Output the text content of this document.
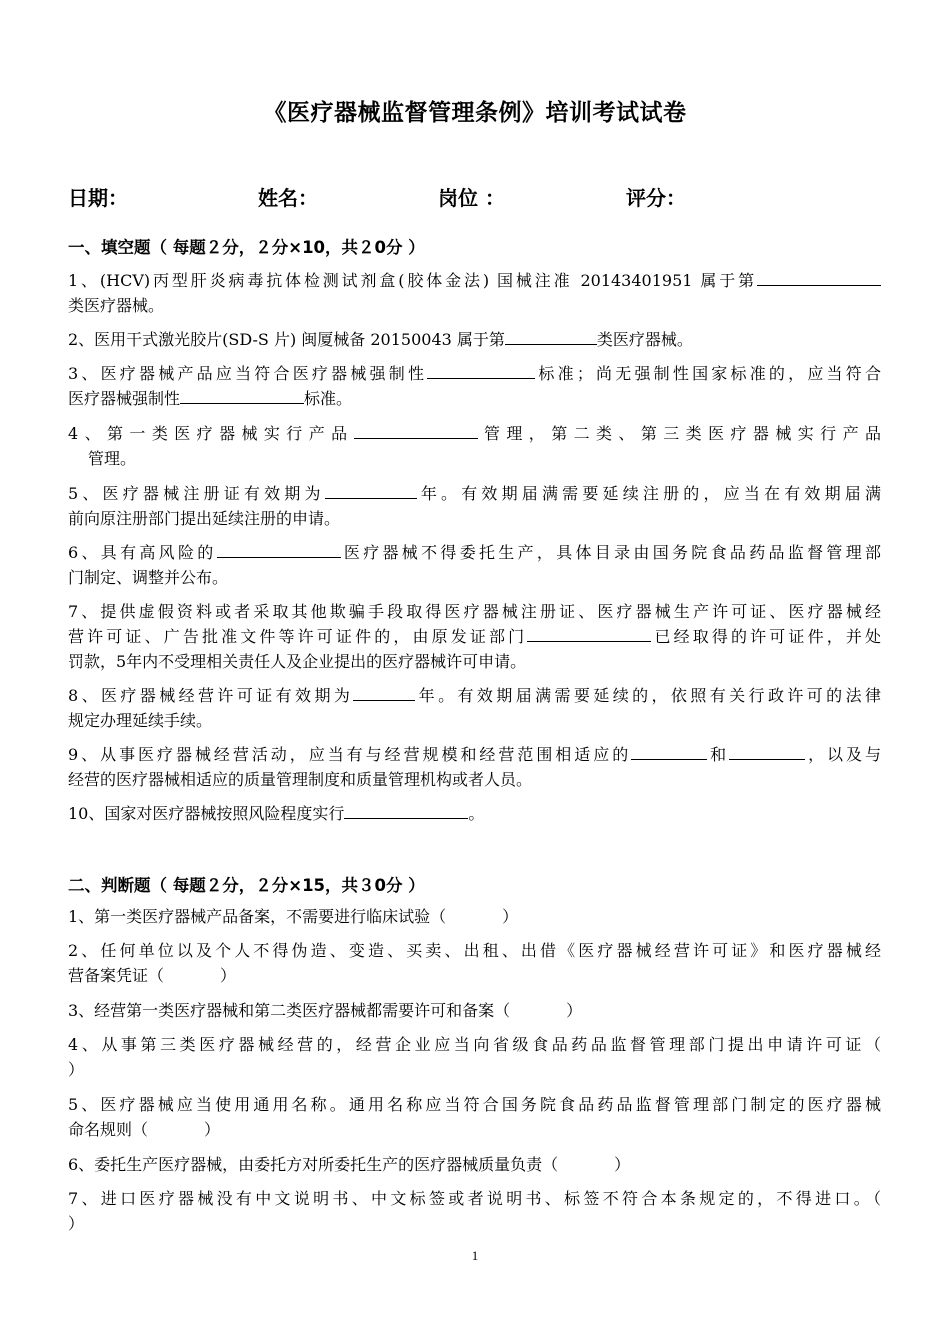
《医疗器械监督管理条例》培训考试试卷
日期：	姓名：	岗位 ：	评分：
一、填空题（ 每题２分，２分×10，共２0分 ）

1、(HCV)丙型肝炎病毒抗体检测试剂盒(胶体金法) 国械注准 20143401951 属于第

类医疗器械。

2、医用干式激光胶片(SD-S 片) 闽厦械备 20150043 属于第	类医疗器械。

3、医疗器械产品应当符合医疗器械强制性	标准；尚无强制性国家标准的，应当符合

医疗器械强制性	标准。

4、第一类医疗器械实行产品	管理，第二类、第三类医疗器械实行产品

管理。

5、医疗器械注册证有效期为	年。有效期届满需要延续注册的，应当在有效期届满

前向原注册部门提出延续注册的申请。

6、具有高风险的	医疗器械不得委托生产，具体目录由国务院食品药品监督管理部

门制定、调整并公布。

7、提供虚假资料或者采取其他欺骗手段取得医疗器械注册证、医疗器械生产许可证、医疗器械经

营许可证、广告批准文件等许可证件的，由原发证部门	已经取得的许可证件，并处

罚款，5年内不受理相关责任人及企业提出的医疗器械许可申请。

8、医疗器械经营许可证有效期为	年。有效期届满需要延续的，依照有关行政许可的法律

规定办理延续手续。

9、从事医疗器械经营活动，应当有与经营规模和经营范围相适应的	和	，以及与

经营的医疗器械相适应的质量管理制度和质量管理机构或者人员。

10、国家对医疗器械按照风险程度实行	。

二、判断题（ 每题２分，２分×15，共３0分 ）

1、第一类医疗器械产品备案，不需要进行临床试验（           ）

2、任何单位以及个人不得伪造、变造、买卖、出租、出借《医疗器械经营许可证》和医疗器械经

营备案凭证（           ）

3、经营第一类医疗器械和第二类医疗器械都需要许可和备案（           ）

4、从事第三类医疗器械经营的，经营企业应当向省级食品药品监督管理部门提出申请许可证（

）

5、医疗器械应当使用通用名称。通用名称应当符合国务院食品药品监督管理部门制定的医疗器械

命名规则（           ）

6、委托生产医疗器械，由委托方对所委托生产的医疗器械质量负责（           ）

7、进口医疗器械没有中文说明书、中文标签或者说明书、标签不符合本条规定的，不得进口。（

）

1
